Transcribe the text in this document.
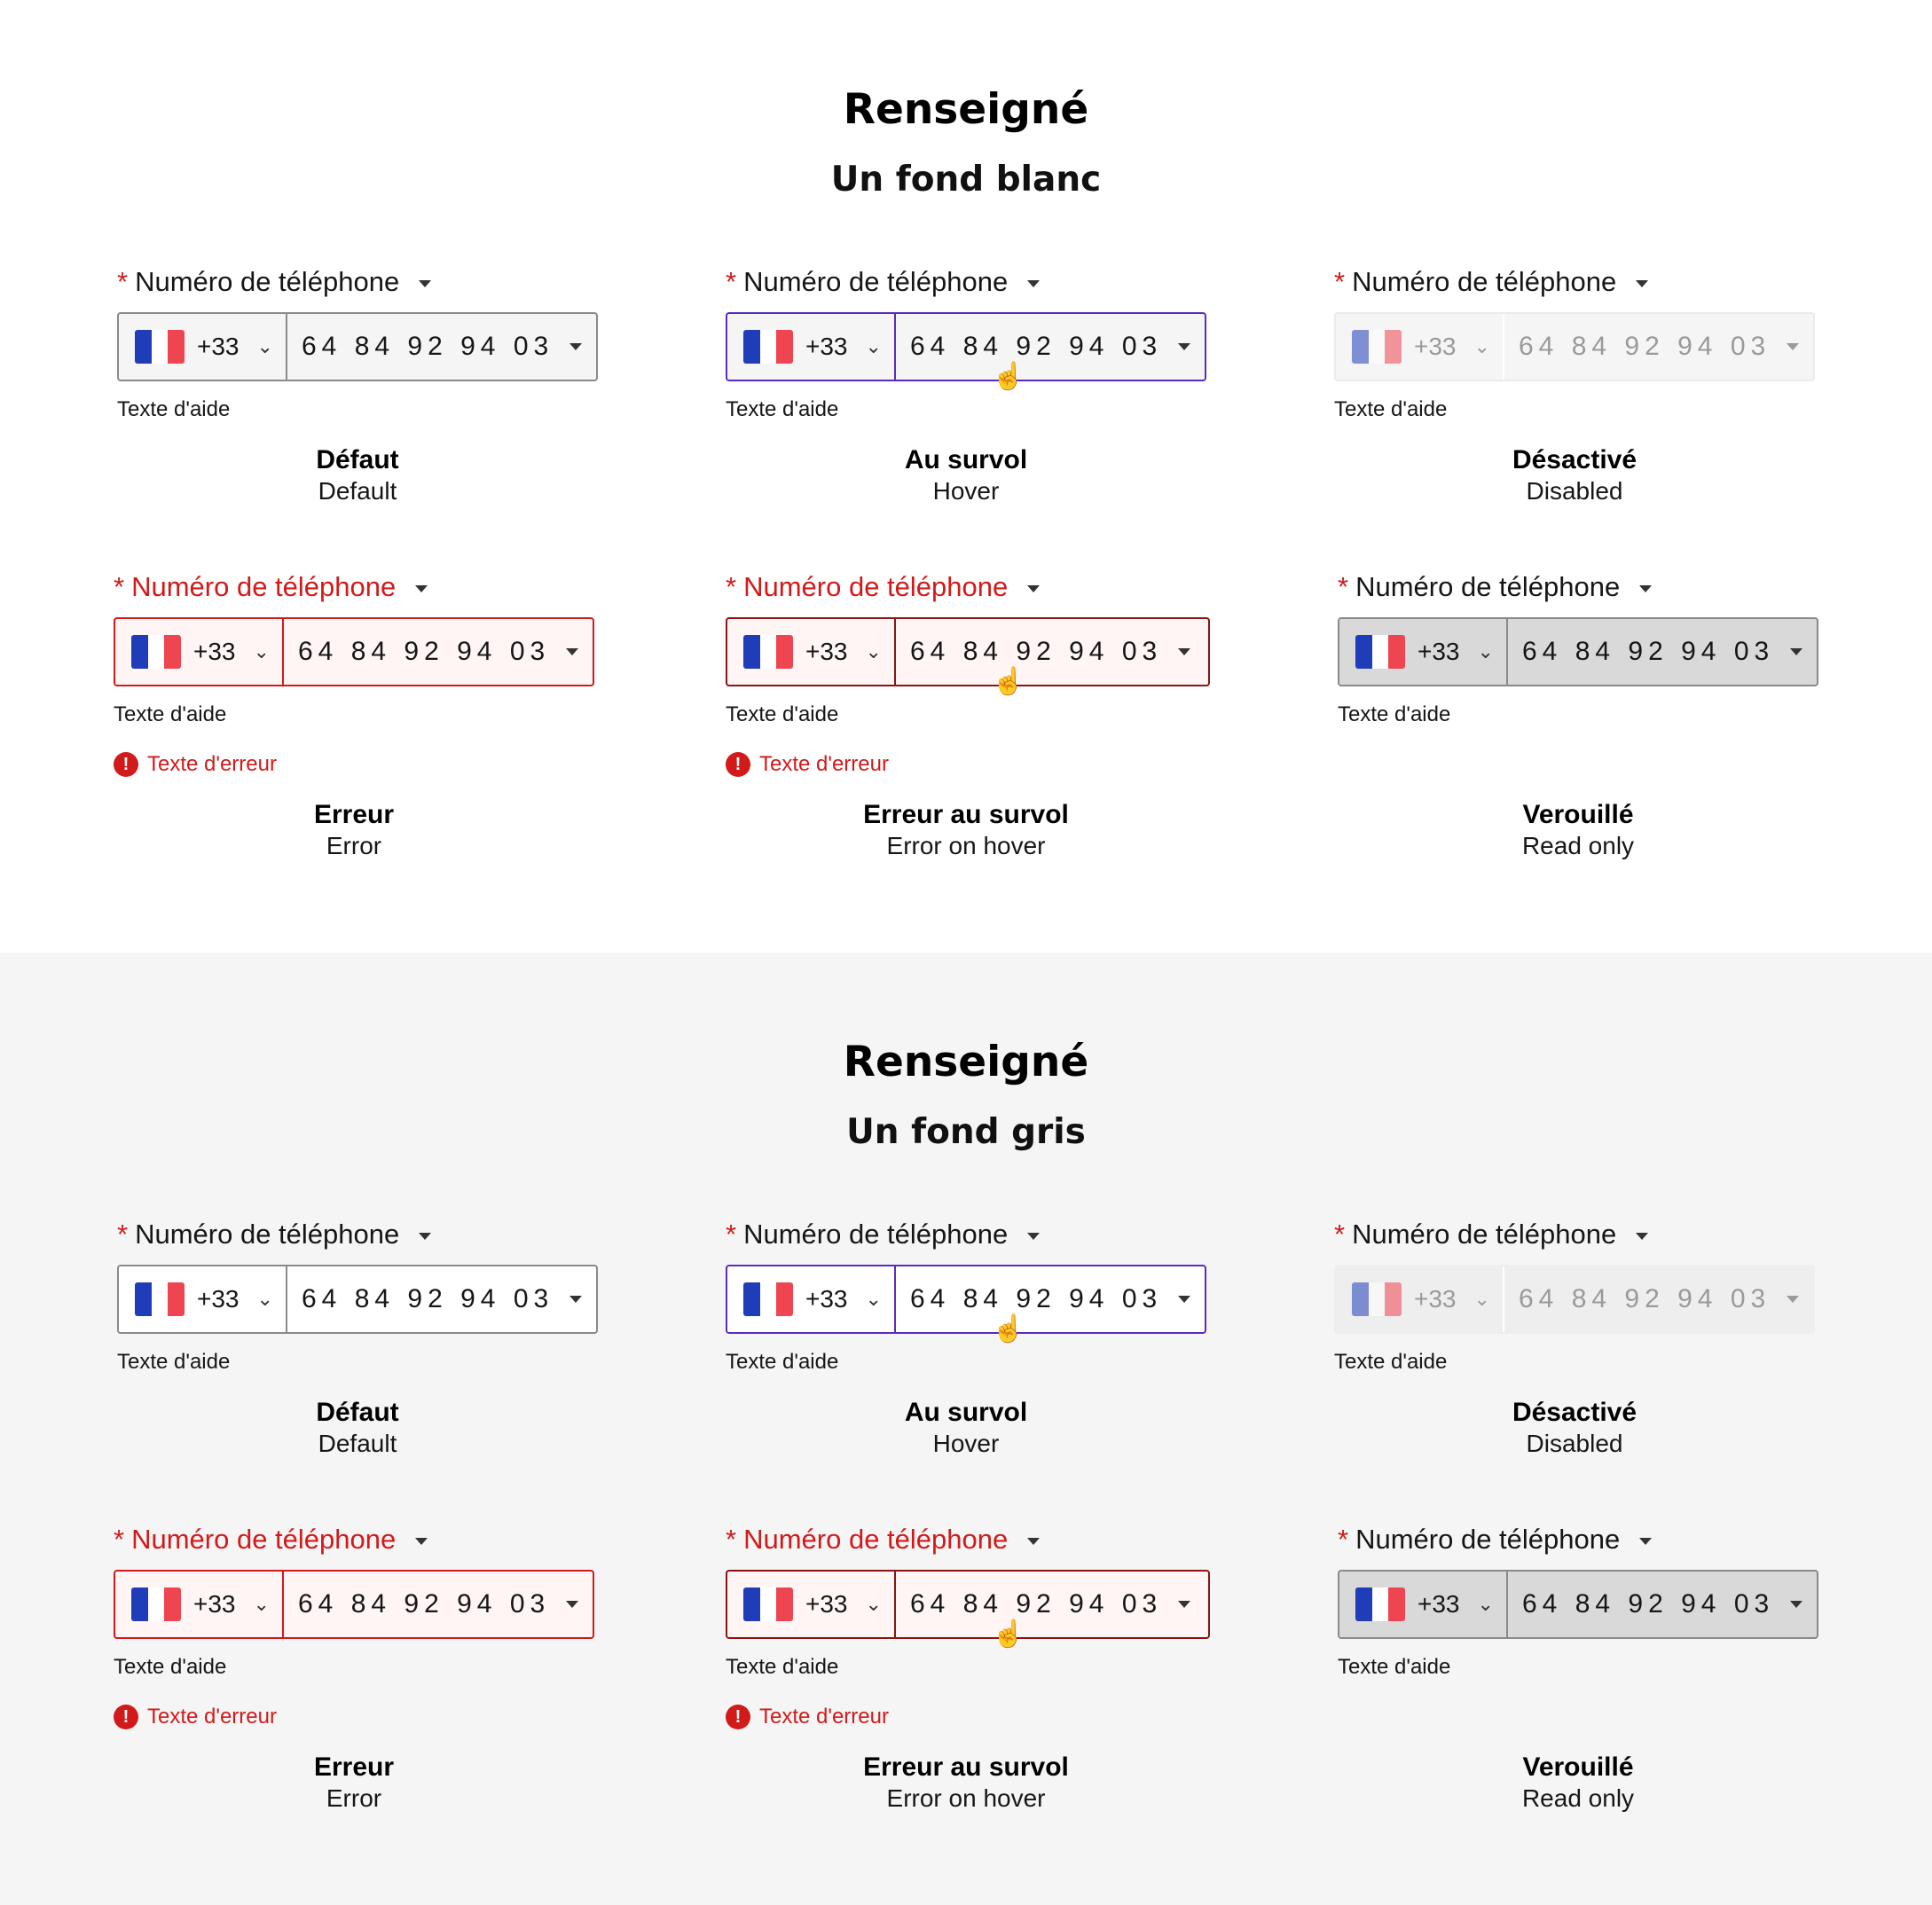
Renseigné
Un fond blanc
* Numéro de téléphone
+33 ⌄ 64 84 92 94 03
Texte d'aide
Défaut
Default
* Numéro de téléphone
+33 ⌄ 64 84 92 94 03
☝
Texte d'aide
Au survol
Hover
* Numéro de téléphone
+33 ⌄ 64 84 92 94 03
Texte d'aide
Désactivé
Disabled
* Numéro de téléphone
+33 ⌄ 64 84 92 94 03
Texte d'aide
! Texte d'erreur
Erreur
Error
* Numéro de téléphone
+33 ⌄ 64 84 92 94 03
☝
Texte d'aide
! Texte d'erreur
Erreur au survol
Error on hover
* Numéro de téléphone
+33 ⌄ 64 84 92 94 03
Texte d'aide
Verouillé
Read only
Renseigné
Un fond gris
* Numéro de téléphone
+33 ⌄ 64 84 92 94 03
Texte d'aide
Défaut
Default
* Numéro de téléphone
+33 ⌄ 64 84 92 94 03
☝
Texte d'aide
Au survol
Hover
* Numéro de téléphone
+33 ⌄ 64 84 92 94 03
Texte d'aide
Désactivé
Disabled
* Numéro de téléphone
+33 ⌄ 64 84 92 94 03
Texte d'aide
! Texte d'erreur
Erreur
Error
* Numéro de téléphone
+33 ⌄ 64 84 92 94 03
☝
Texte d'aide
! Texte d'erreur
Erreur au survol
Error on hover
* Numéro de téléphone
+33 ⌄ 64 84 92 94 03
Texte d'aide
Verouillé
Read only
